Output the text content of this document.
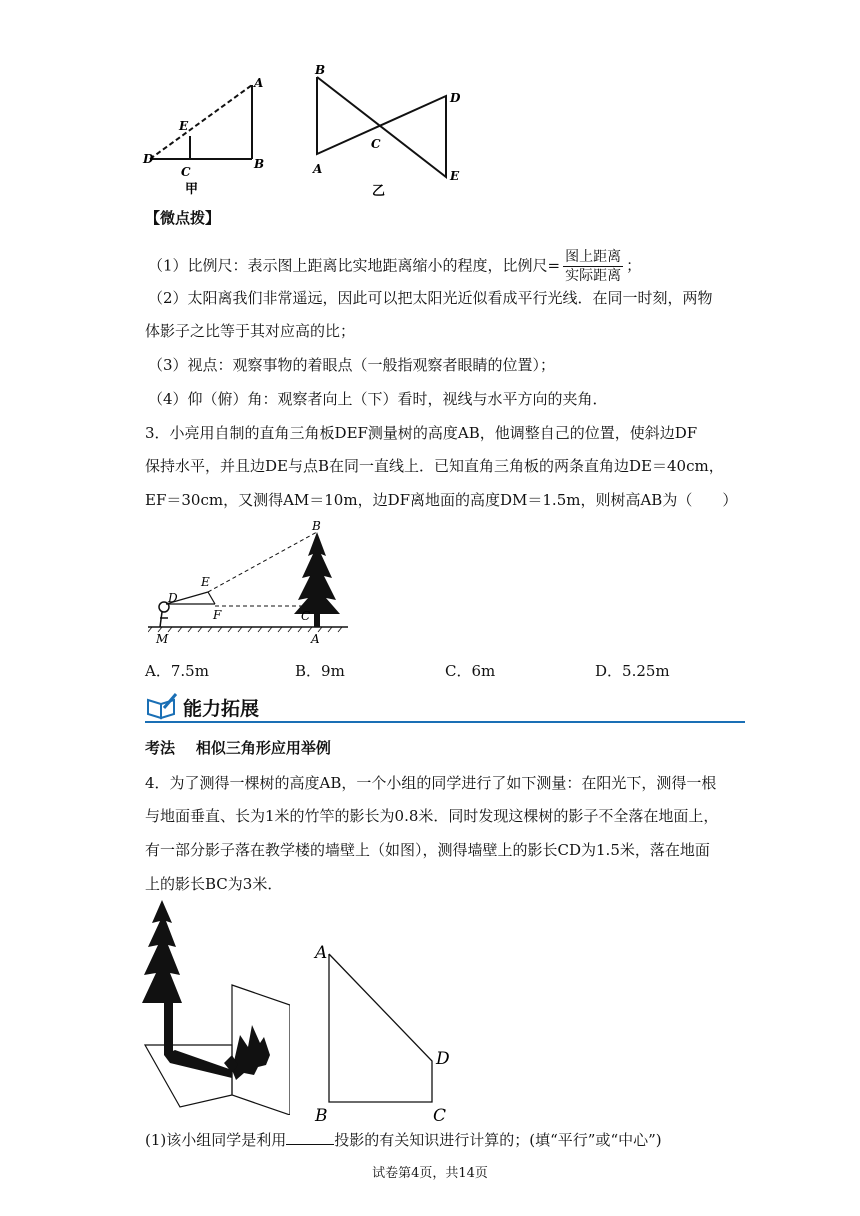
A
B
E
C
D
甲
B
A
C
D
E
乙
【微点拨】
（1）比例尺：表示图上距离比实地距离缩小的程度，比例尺= $\frac{\text{图上距离}}{\text{实际距离}}$ ；
（2）太阳离我们非常遥远，因此可以把太阳光近似看成平行光线．在同一时刻，两物
体影子之比等于其对应高的比；
（3）视点：观察事物的着眼点（一般指观察者眼睛的位置）；
（4）仰（俯）角：观察者向上（下）看时，视线与水平方向的夹角．
3．小亮用自制的直角三角板DEF测量树的高度AB，他调整自己的位置，使斜边DF
保持水平，并且边DE与点B在同一直线上．已知直角三角板的两条直角边DE＝40cm，
EF＝30cm，又测得AM＝10m，边DF离地面的高度DM＝1.5m，则树高AB为（　　）
B
E
D
F	C
M	A
A．7.5m	B．9m	C．6m	D．5.25m
能力拓展
考法 相似三角形应用举例
4．为了测得一棵树的高度AB，一个小组的同学进行了如下测量：在阳光下，测得一根
与地面垂直、长为1米的竹竿的影长为0.8米．同时发现这棵树的影子不全落在地面上，
有一部分影子落在教学楼的墙壁上（如图），测得墙壁上的影长CD为1.5米，落在地面
上的影长BC为3米．
A
B	C
D
(1)该小组同学是利用	投影的有关知识进行计算的；(填“平行”或“中心”)
试卷第4页，共14页
